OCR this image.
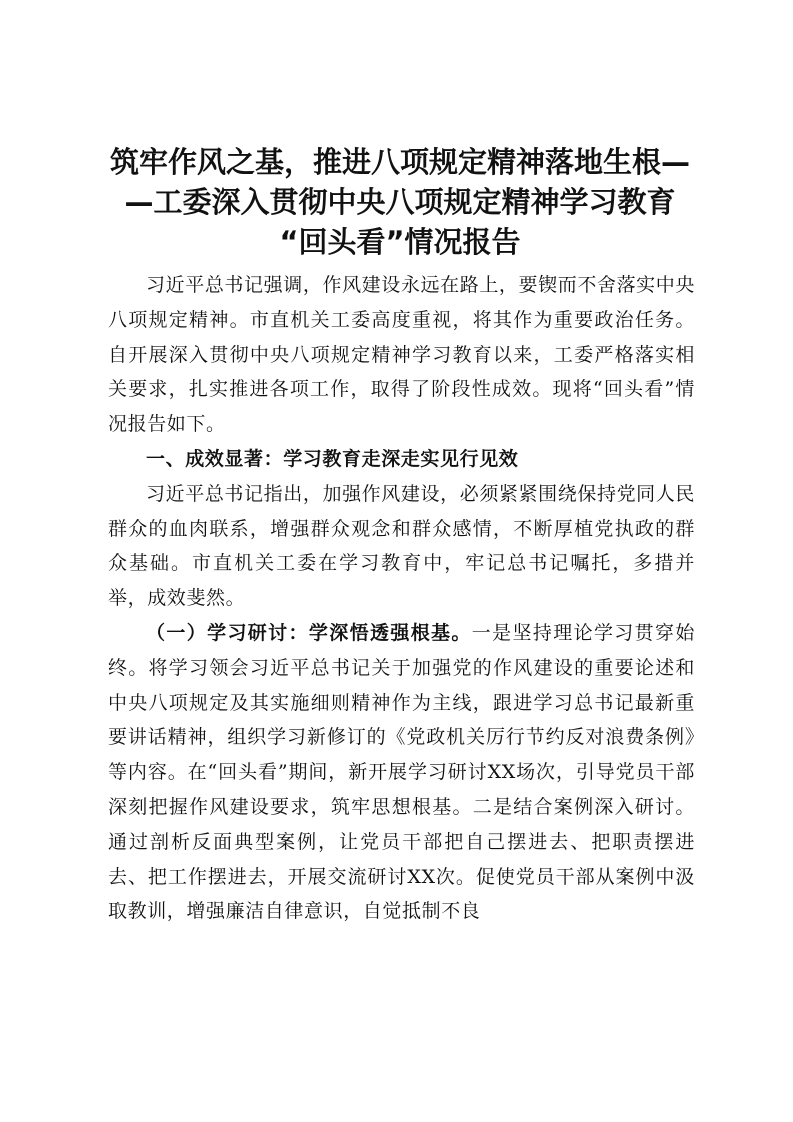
筑牢作风之基，推进八项规定精神落地生根—
—工委深入贯彻中央八项规定精神学习教育
“回头看”情况报告

习近平总书记强调，作风建设永远在路上，要锲而不舍落实中央八项规定精神。市直机关工委高度重视，将其作为重要政治任务。自开展深入贯彻中央八项规定精神学习教育以来，工委严格落实相关要求，扎实推进各项工作，取得了阶段性成效。现将“回头看”情况报告如下。

一、成效显著：学习教育走深走实见行见效

习近平总书记指出，加强作风建设，必须紧紧围绕保持党同人民群众的血肉联系，增强群众观念和群众感情，不断厚植党执政的群众基础。市直机关工委在学习教育中，牢记总书记嘱托，多措并举，成效斐然。

（一）学习研讨：学深悟透强根基。一是坚持理论学习贯穿始终。将学习领会习近平总书记关于加强党的作风建设的重要论述和中央八项规定及其实施细则精神作为主线，跟进学习总书记最新重要讲话精神，组织学习新修订的《党政机关厉行节约反对浪费条例》等内容。在“回头看”期间，新开展学习研讨XX场次，引导党员干部深刻把握作风建设要求，筑牢思想根基。二是结合案例深入研讨。通过剖析反面典型案例，让党员干部把自己摆进去、把职责摆进去、把工作摆进去，开展交流研讨XX次。促使党员干部从案例中汲取教训，增强廉洁自律意识，自觉抵制不良
